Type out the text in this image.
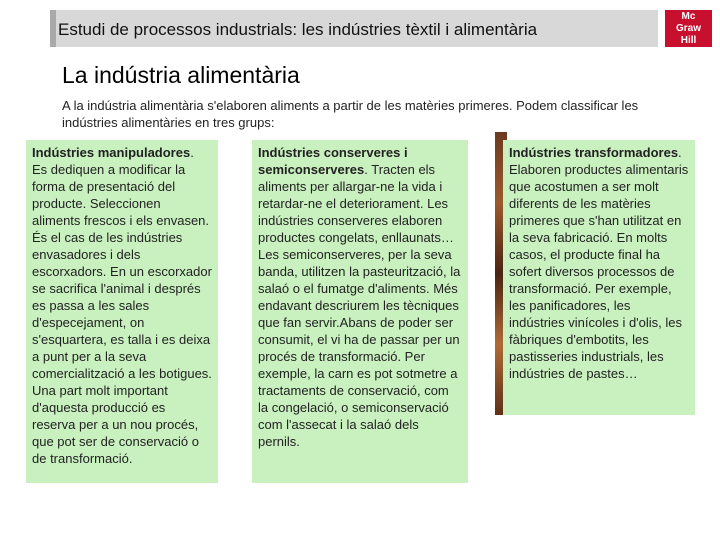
Estudi de processos industrials: les indústries tèxtil i alimentària
Mc
Graw
Hill
La indústria alimentària
A la indústria alimentària s'elaboren aliments a partir de les matèries primeres. Podem classificar les indústries alimentàries en tres grups:
Indústries manipuladores. Es dediquen a modificar la forma de presentació del producte. Seleccionen aliments frescos i els envasen. És el cas de les indústries envasadores i dels escorxadors. En un escorxador se sacrifica l'animal i després es passa a les sales d'especejament, on s'esquartera, es talla i es deixa a punt per a la seva comercialització a les botigues. Una part molt important d'aquesta producció es reserva per a un nou procés, que pot ser de conservació o de transformació.
Indústries conserveres i semiconserveres. Tracten els aliments per allargar-ne la vida i retardar-ne el deteriorament. Les indústries conserveres elaboren productes congelats, enllaunats… Les semiconserveres, per la seva banda, utilitzen la pasteurització, la salaó o el fumatge d'aliments. Més endavant descriurem les tècniques que fan servir.Abans de poder ser consumit, el vi ha de passar per un procés de transformació. Per exemple, la carn es pot sotmetre a tractaments de conservació, com la congelació, o semiconservació com l'assecat i la salaó dels pernils.
Indústries transformadores. Elaboren productes alimentaris que acostumen a ser molt diferents de les matèries primeres que s'han utilitzat en la seva fabricació. En molts casos, el producte final ha sofert diversos processos de transformació. Per exemple, les panificadores, les indústries vinícoles i d'olis, les fàbriques d'embotits, les pastisseries industrials, les indústries de pastes…
